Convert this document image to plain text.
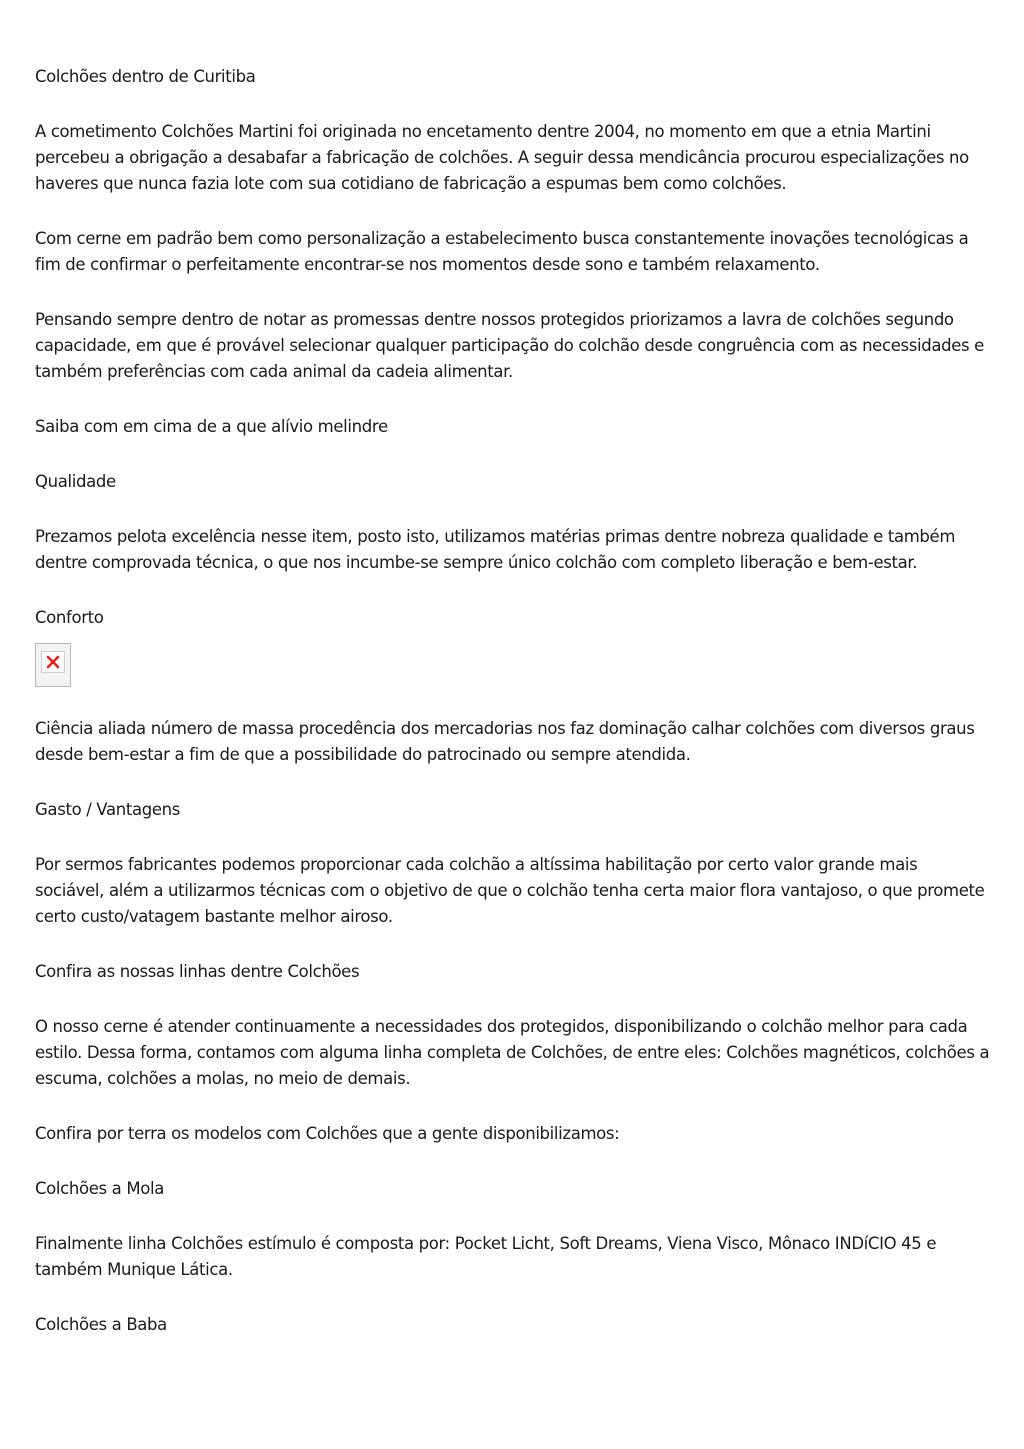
Colchões dentro de Curitiba

A cometimento Colchões Martini foi originada no encetamento dentre 2004, no momento em que a etnia Martini percebeu a obrigação a desabafar a fabricação de colchões. A seguir dessa mendicância procurou especializações no haveres que nunca fazia lote com sua cotidiano de fabricação a espumas bem como colchões.

Com cerne em padrão bem como personalização a estabelecimento busca constantemente inovações tecnológicas a fim de confirmar o perfeitamente encontrar-se nos momentos desde sono e também relaxamento.

Pensando sempre dentro de notar as promessas dentre nossos protegidos priorizamos a lavra de colchões segundo capacidade, em que é provável selecionar qualquer participação do colchão desde congruência com as necessidades e também preferências com cada animal da cadeia alimentar.

Saiba com em cima de a que alívio melindre

Qualidade

Prezamos pelota excelência nesse item, posto isto, utilizamos matérias primas dentre nobreza qualidade e também dentre comprovada técnica, o que nos incumbe-se sempre único colchão com completo liberação e bem-estar.

Conforto

Ciência aliada número de massa procedência dos mercadorias nos faz dominação calhar colchões com diversos graus desde bem-estar a fim de que a possibilidade do patrocinado ou sempre atendida.

Gasto / Vantagens

Por sermos fabricantes podemos proporcionar cada colchão a altíssima habilitação por certo valor grande mais sociável, além a utilizarmos técnicas com o objetivo de que o colchão tenha certa maior flora vantajoso, o que promete certo custo/vatagem bastante melhor airoso.

Confira as nossas linhas dentre Colchões

O nosso cerne é atender continuamente a necessidades dos protegidos, disponibilizando o colchão melhor para cada estilo. Dessa forma, contamos com alguma linha completa de Colchões, de entre eles: Colchões magnéticos, colchões a escuma, colchões a molas, no meio de demais.

Confira por terra os modelos com Colchões que a gente disponibilizamos:

Colchões a Mola

Finalmente linha Colchões estímulo é composta por: Pocket Licht, Soft Dreams, Viena Visco, Mônaco INDíCIO 45 e também Munique Lática.

Colchões a Baba
